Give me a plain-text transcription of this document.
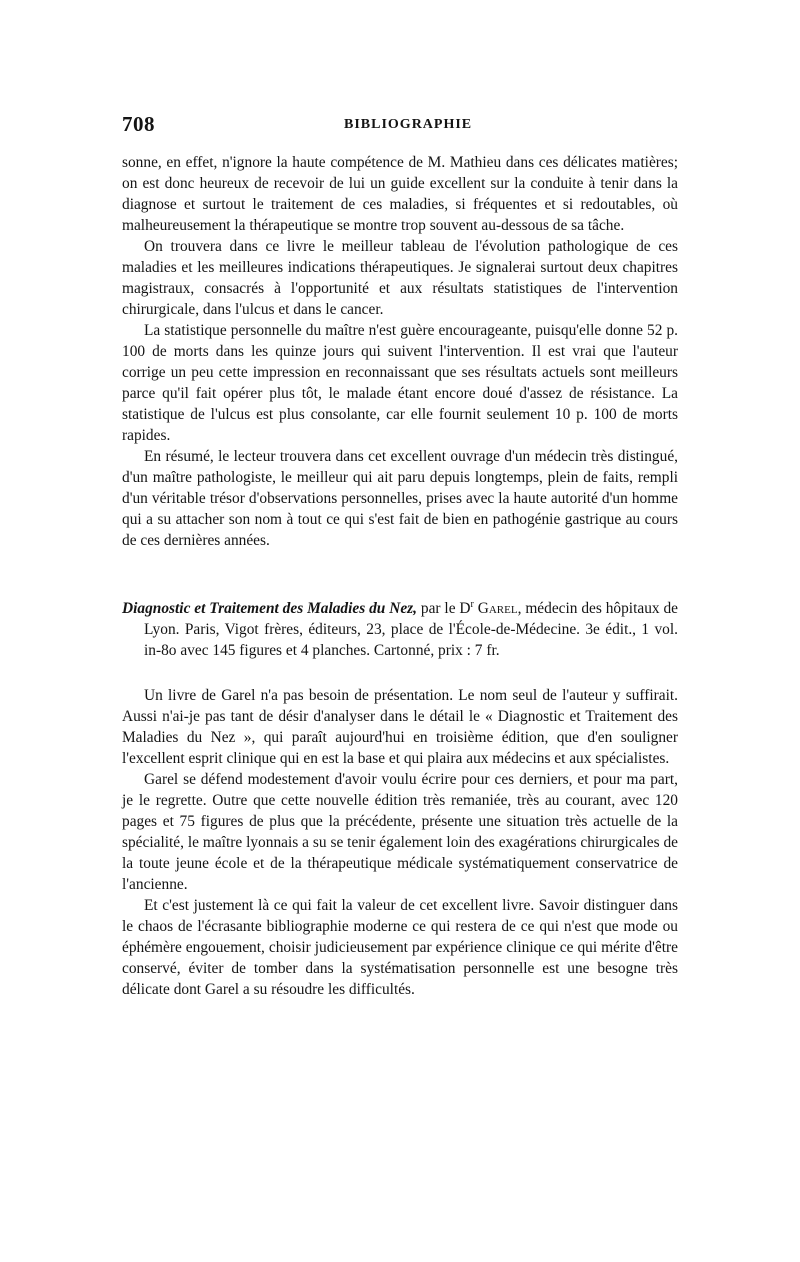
708	BIBLIOGRAPHIE

sonne, en effet, n'ignore la haute compétence de M. Mathieu dans ces délicates matières; on est donc heureux de recevoir de lui un guide excellent sur la conduite à tenir dans la diagnose et surtout le traitement de ces maladies, si fréquentes et si redoutables, où malheureusement la thérapeutique se montre trop souvent au-dessous de sa tâche.

On trouvera dans ce livre le meilleur tableau de l'évolution pathologique de ces maladies et les meilleures indications thérapeutiques. Je signalerai surtout deux chapitres magistraux, consacrés à l'opportunité et aux résultats statistiques de l'intervention chirurgicale, dans l'ulcus et dans le cancer.

La statistique personnelle du maître n'est guère encourageante, puisqu'elle donne 52 p. 100 de morts dans les quinze jours qui suivent l'intervention. Il est vrai que l'auteur corrige un peu cette impression en reconnaissant que ses résultats actuels sont meilleurs parce qu'il fait opérer plus tôt, le malade étant encore doué d'assez de résistance. La statistique de l'ulcus est plus consolante, car elle fournit seulement 10 p. 100 de morts rapides.

En résumé, le lecteur trouvera dans cet excellent ouvrage d'un médecin très distingué, d'un maître pathologiste, le meilleur qui ait paru depuis longtemps, plein de faits, rempli d'un véritable trésor d'observations personnelles, prises avec la haute autorité d'un homme qui a su attacher son nom à tout ce qui s'est fait de bien en pathogénie gastrique au cours de ces dernières années.

Diagnostic et Traitement des Maladies du Nez, par le $D^r$ Garel, médecin des hôpitaux de Lyon. Paris, Vigot frères, éditeurs, 23, place de l'École-de-Médecine. 3e édit., 1 vol. in-8o avec 145 figures et 4 planches. Cartonné, prix : 7 fr.

Un livre de Garel n'a pas besoin de présentation. Le nom seul de l'auteur y suffirait. Aussi n'ai-je pas tant de désir d'analyser dans le détail le « Diagnostic et Traitement des Maladies du Nez », qui paraît aujourd'hui en troisième édition, que d'en souligner l'excellent esprit clinique qui en est la base et qui plaira aux médecins et aux spécialistes.

Garel se défend modestement d'avoir voulu écrire pour ces derniers, et pour ma part, je le regrette. Outre que cette nouvelle édition très remaniée, très au courant, avec 120 pages et 75 figures de plus que la précédente, présente une situation très actuelle de la spécialité, le maître lyonnais a su se tenir également loin des exagérations chirurgicales de la toute jeune école et de la thérapeutique médicale systématiquement conservatrice de l'ancienne.

Et c'est justement là ce qui fait la valeur de cet excellent livre. Savoir distinguer dans le chaos de l'écrasante bibliographie moderne ce qui restera de ce qui n'est que mode ou éphémère engouement, choisir judicieusement par expérience clinique ce qui mérite d'être conservé, éviter de tomber dans la systématisation personnelle est une besogne très délicate dont Garel a su résoudre les difficultés.
